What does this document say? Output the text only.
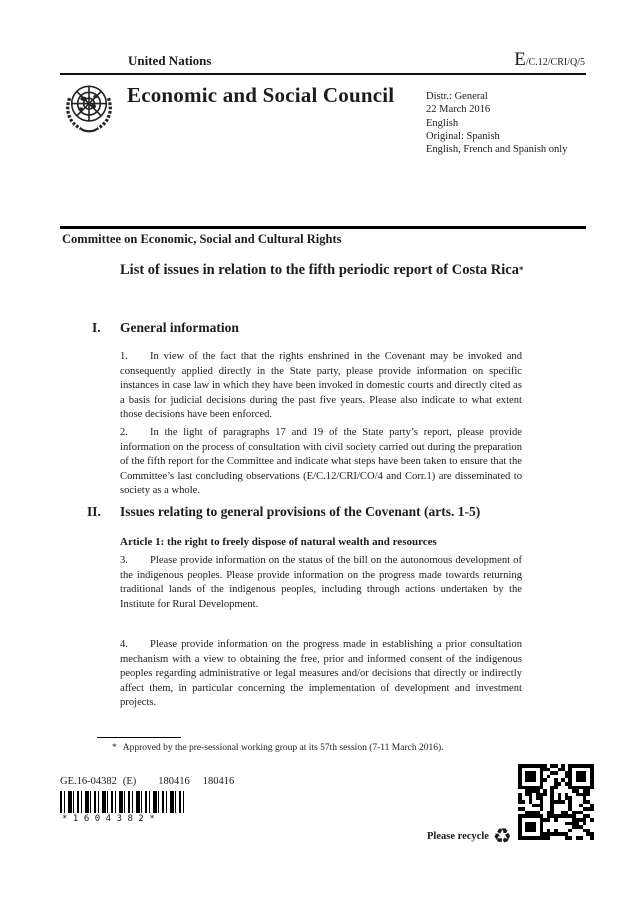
United Nations	E/C.12/CRI/Q/5
Economic and Social Council	Distr.: General
22 March 2016
English
Original: Spanish
English, French and Spanish only
Committee on Economic, Social and Cultural Rights
List of issues in relation to the fifth periodic report of Costa Rica*
I. General information
1. In view of the fact that the rights enshrined in the Covenant may be invoked and consequently applied directly in the State party, please provide information on specific instances in case law in which they have been invoked in domestic courts and directly cited as a basis for judicial decisions during the past five years. Please also indicate to what extent those decisions have been enforced.
2. In the light of paragraphs 17 and 19 of the State party’s report, please provide information on the process of consultation with civil society carried out during the preparation of the fifth report for the Committee and indicate what steps have been taken to ensure that the Committee’s last concluding observations (E/C.12/CRI/CO/4 and Corr.1) are disseminated to society as a whole.
II. Issues relating to general provisions of the Covenant (arts. 1-5)
Article 1: the right to freely dispose of natural wealth and resources
3. Please provide information on the status of the bill on the autonomous development of the indigenous peoples. Please provide information on the progress made towards returning traditional lands of the indigenous peoples, including through actions undertaken by the Institute for Rural Development.
4. Please provide information on the progress made in establishing a prior consultation mechanism with a view to obtaining the free, prior and informed consent of the indigenous peoples regarding administrative or legal measures and/or decisions that directly or indirectly affect them, in particular concerning the implementation of development and investment projects.
* Approved by the pre-sessional working group at its 57th session (7-11 March 2016).
GE.16-04382 (E) 180416 180416
*1604382*
Please recycle ♻
